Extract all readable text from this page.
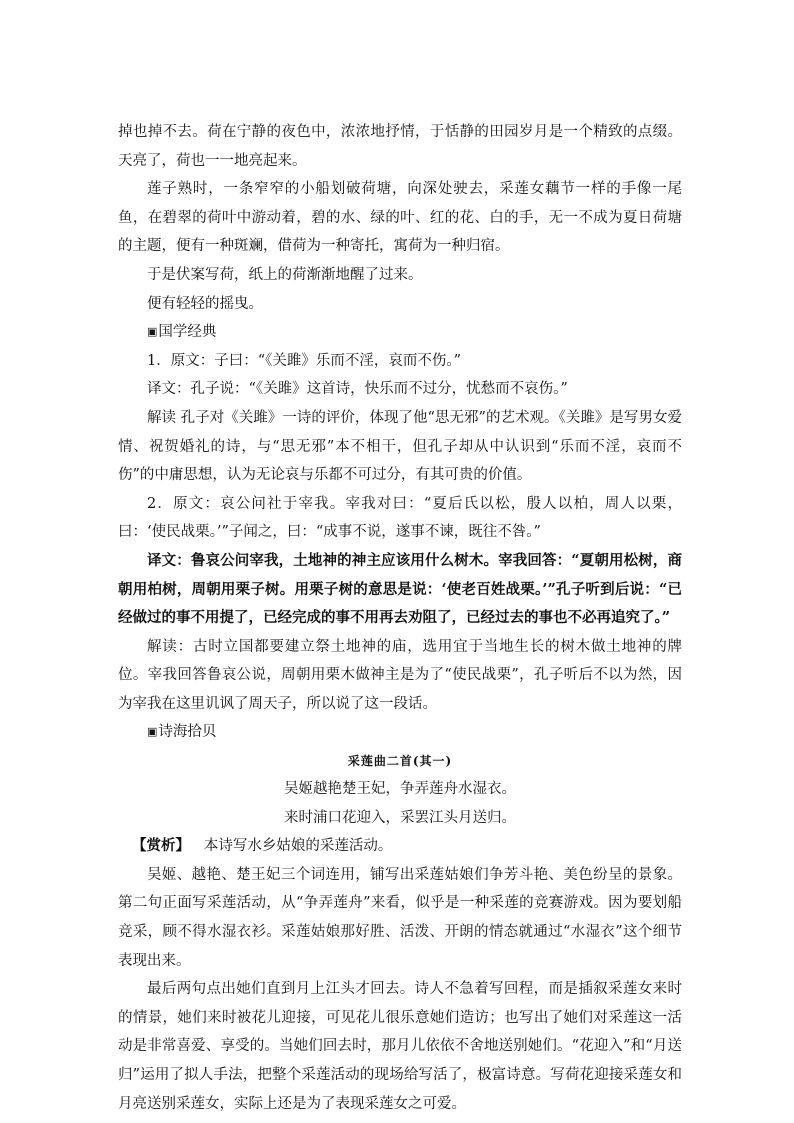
掉也掉不去。荷在宁静的夜色中，浓浓地抒情，于恬静的田园岁月是一个精致的点缀。天亮了，荷也一一地亮起来。

莲子熟时，一条窄窄的小船划破荷塘，向深处驶去，采莲女藕节一样的手像一尾鱼，在碧翠的荷叶中游动着，碧的水、绿的叶、红的花、白的手，无一不成为夏日荷塘的主题，便有一种斑斓，借荷为一种寄托，寓荷为一种归宿。

于是伏案写荷，纸上的荷渐渐地醒了过来。

便有轻轻的摇曳。

▣国学经典

1．原文：子曰：“《关雎》乐而不淫，哀而不伤。”

译文：孔子说：“《关雎》这首诗，快乐而不过分，忧愁而不哀伤。”

解读 孔子对《关雎》一诗的评价，体现了他“思无邪”的艺术观。《关雎》是写男女爱情、祝贺婚礼的诗，与“思无邪”本不相干，但孔子却从中认识到“乐而不淫，哀而不伤”的中庸思想，认为无论哀与乐都不可过分，有其可贵的价值。

2．原文：哀公问社于宰我。宰我对曰：“夏后氏以松，殷人以柏，周人以栗，曰：‘使民战栗。’”子闻之，曰：“成事不说，遂事不谏，既往不咎。”

译文：鲁哀公问宰我，土地神的神主应该用什么树木。宰我回答：“夏朝用松树，商朝用柏树，周朝用栗子树。用栗子树的意思是说：‘使老百姓战栗。’”孔子听到后说：“已经做过的事不用提了，已经完成的事不用再去劝阻了，已经过去的事也不必再追究了。”

解读：古时立国都要建立祭土地神的庙，选用宜于当地生长的树木做土地神的牌位。宰我回答鲁哀公说，周朝用栗木做神主是为了“使民战栗”，孔子听后不以为然，因为宰我在这里讥讽了周天子，所以说了这一段话。

▣诗海拾贝

采莲曲二首(其一)

吴姬越艳楚王妃，争弄莲舟水湿衣。

来时浦口花迎入，采罢江头月送归。

【赏析】 本诗写水乡姑娘的采莲活动。

吴姬、越艳、楚王妃三个词连用，铺写出采莲姑娘们争芳斗艳、美色纷呈的景象。第二句正面写采莲活动，从“争弄莲舟”来看，似乎是一种采莲的竞赛游戏。因为要划船竞采，顾不得水湿衣衫。采莲姑娘那好胜、活泼、开朗的情态就通过“水湿衣”这个细节表现出来。

最后两句点出她们直到月上江头才回去。诗人不急着写回程，而是插叙采莲女来时的情景，她们来时被花儿迎接，可见花儿很乐意她们造访；也写出了她们对采莲这一活动是非常喜爱、享受的。当她们回去时，那月儿依依不舍地送别她们。“花迎入”和“月送归”运用了拟人手法，把整个采莲活动的现场给写活了，极富诗意。写荷花迎接采莲女和月亮送别采莲女，实际上还是为了表现采莲女之可爱。
